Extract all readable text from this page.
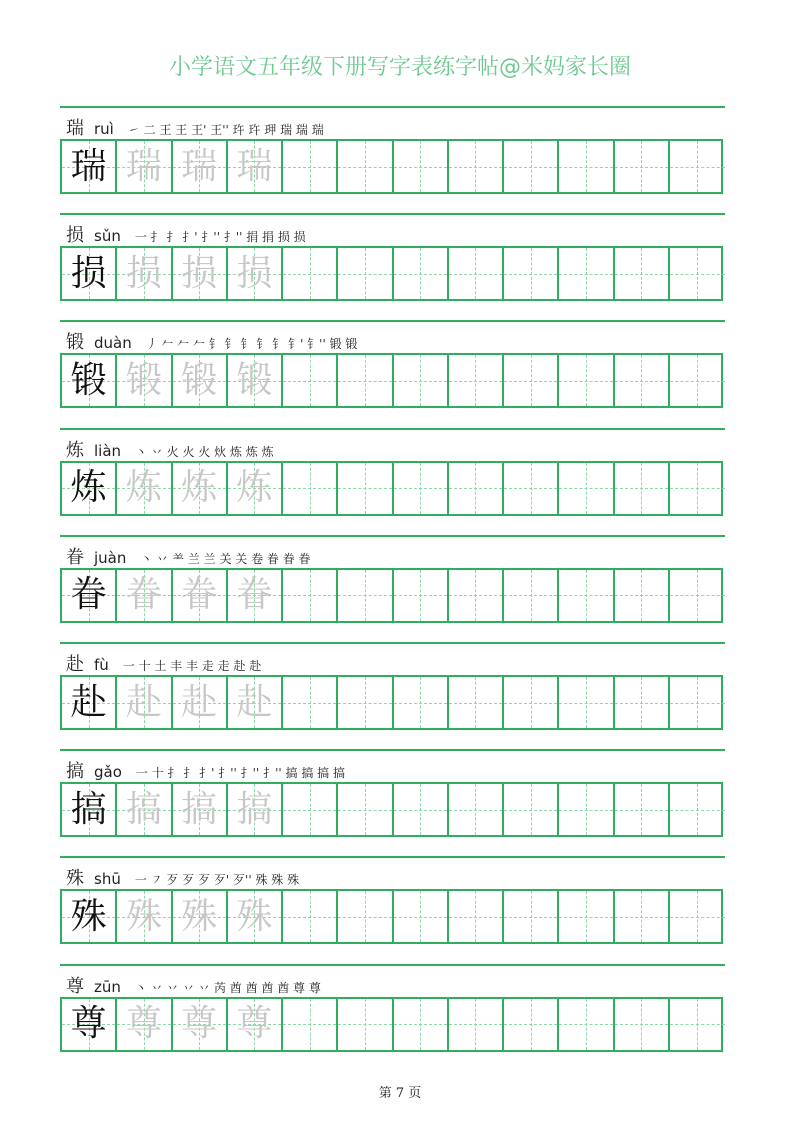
小学语文五年级下册写字表练字帖@米妈家长圈
瑞 ruì ㇀ 二 王 王 王' 王'' 玝 玝 玾 瑞 瑞 瑞
瑞 瑞 瑞 瑞
损 sǔn 一 扌 扌 扌' 扌'' 扌'' 捐 捐 损 损
损 损 损 损
锻 duàn 丿 𠂉 𠂉 𠂉 钅 钅 钅 钅 钅 钅' 钅'' 锻 锻
锻 锻 锻 锻
炼 liàn 丶 丷 火 火 火 炏 炼 炼 炼
炼 炼 炼 炼
眷 juàn 丶 丷 ⺷ 兰 兰 关 关 卷 眷 眷 眷
眷 眷 眷 眷
赴 fù 一 十 土 丰 丰 走 走 赴 赴
赴 赴 赴 赴
搞 gǎo 一 十 扌 扌 扌' 扌'' 扌'' 扌'' 搞 搞 搞 搞
搞 搞 搞 搞
殊 shū 一 ㇇ 歹 歹 歹 歹' 歹'' 殊 殊 殊
殊 殊 殊 殊
尊 zūn 丶 丷 丷 丷 丷 芮 酋 酋 酋 酋 尊 尊
尊 尊 尊 尊
第 7 页
